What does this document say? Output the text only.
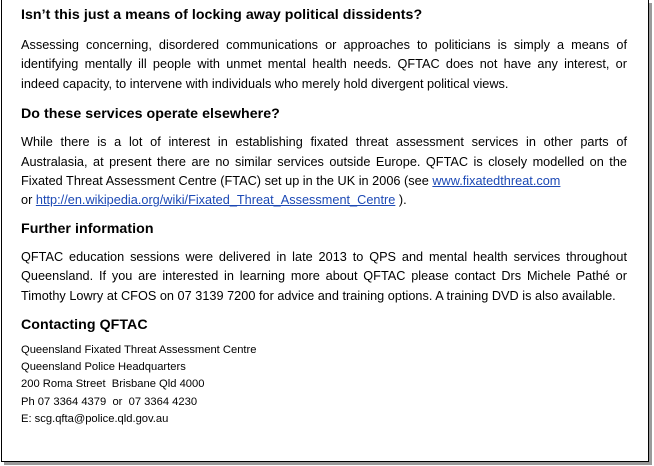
Isn’t this just a means of locking away political dissidents?

Assessing concerning, disordered communications or approaches to politicians is simply a means of identifying mentally ill people with unmet mental health needs. QFTAC does not have any interest, or indeed capacity, to intervene with individuals who merely hold divergent political views.

Do these services operate elsewhere?

While there is a lot of interest in establishing fixated threat assessment services in other parts of Australasia, at present there are no similar services outside Europe. QFTAC is closely modelled on the Fixated Threat Assessment Centre (FTAC) set up in the UK in 2006 (see www.fixatedthreat.com
or http://en.wikipedia.org/wiki/Fixated_Threat_Assessment_Centre ).

Further information

QFTAC education sessions were delivered in late 2013 to QPS and mental health services throughout Queensland. If you are interested in learning more about QFTAC please contact Drs Michele Pathé or Timothy Lowry at CFOS on 07 3139 7200 for advice and training options. A training DVD is also available.

Contacting QFTAC
Queensland Fixated Threat Assessment Centre
Queensland Police Headquarters
200 Roma Street  Brisbane Qld 4000
Ph 07 3364 4379  or  07 3364 4230
E: scg.qfta@police.qld.gov.au
